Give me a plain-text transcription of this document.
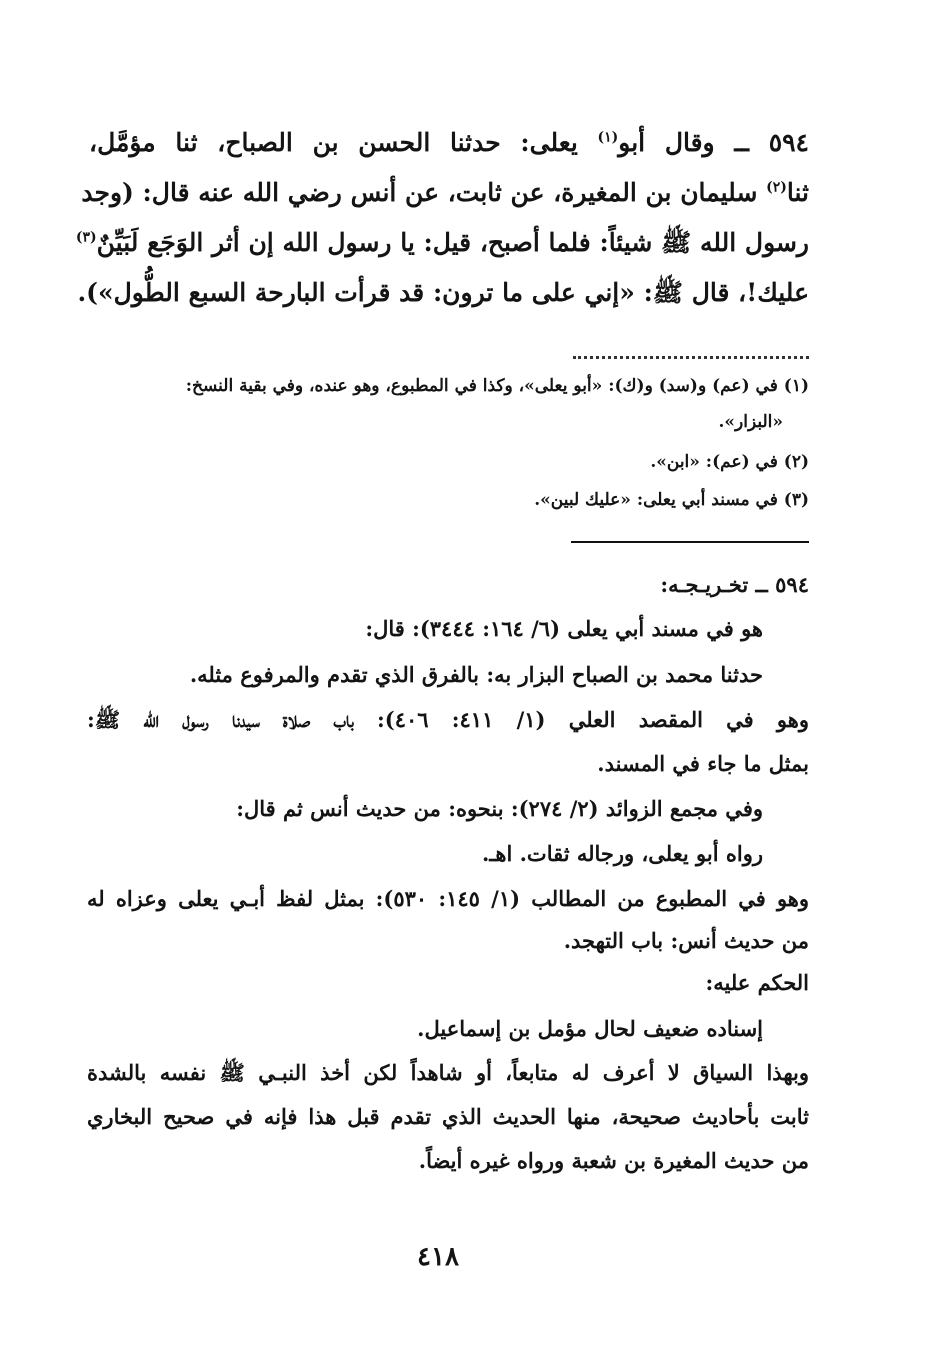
٥٩٤ ــ وقال أبو$^{(١)}$ يعلى: حدثنا الحسن بن الصباح، ثنا مؤمَّل،
ثنا$^{(٢)}$ سليمان بن المغيرة، عن ثابت، عن أنس رضي الله عنه قال: (وجد
رسول الله ﷺ شيئاً: فلما أصبح، قيل: يا رسول الله إن أثر الوَجَع لَبَيِّنٌ$^{(٣)}$
عليك!، قال ﷺ: «إني على ما ترون: قد قرأت البارحة السبع الطُّول»).
(١) في (عم) و(سد) و(ك): «أبو يعلى»، وكذا في المطبوع، وهو عنده، وفي بقية النسخ:
«البزار».
(٢) في (عم): «ابن».
(٣) في مسند أبي يعلى: «عليك لبين».
٥٩٤ ــ تخـريـجـه:
هو في مسند أبي يعلى (٦/ ١٦٤: ٣٤٤٤): قال:
حدثنا محمد بن الصباح البزار به: بالفرق الذي تقدم والمرفوع مثله.
وهو في المقصد العلي (١/ ٤١١: ٤٠٦): باب صلاة سيدنا رسول الله ﷺ:
بمثل ما جاء في المسند.
وفي مجمع الزوائد (٢/ ٢٧٤): بنحوه: من حديث أنس ثم قال:
رواه أبو يعلى، ورجاله ثقات. اهـ.
وهو في المطبوع من المطالب (١/ ١٤٥: ٥٣٠): بمثل لفظ أبـي يعلى وعزاه له
من حديث أنس: باب التهجد.
الحكم عليه:
إسناده ضعيف لحال مؤمل بن إسماعيل.
وبهذا السياق لا أعرف له متابعاً، أو شاهداً لكن أخذ النبـي ﷺ نفسه بالشدة
ثابت بأحاديث صحيحة، منها الحديث الذي تقدم قبل هذا فإنه في صحيح البخاري
من حديث المغيرة بن شعبة ورواه غيره أيضاً.
٤١٨
